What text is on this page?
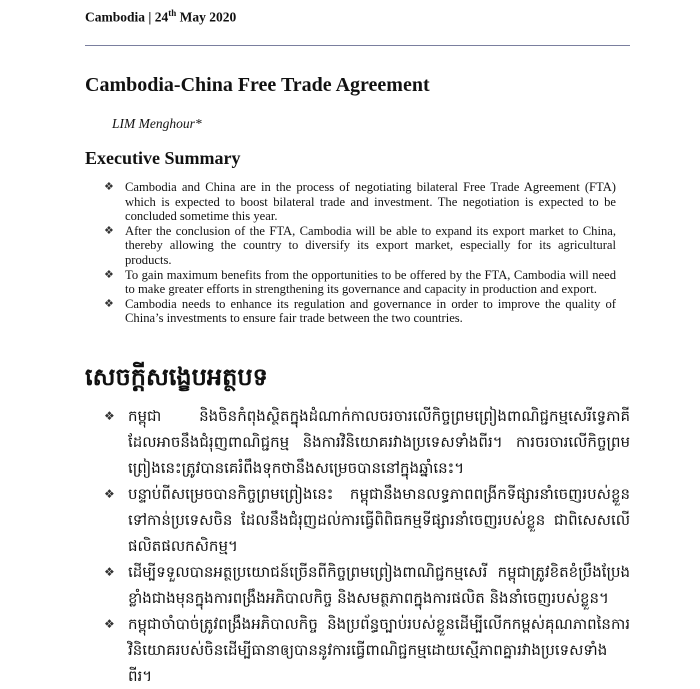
Cambodia | 24th May 2020
Cambodia-China Free Trade Agreement
LIM Menghour*
Executive Summary
❖ Cambodia and China are in the process of negotiating bilateral Free Trade Agreement (FTA) which is expected to boost bilateral trade and investment. The negotiation is expected to be concluded sometime this year.
❖ After the conclusion of the FTA, Cambodia will be able to expand its export market to China, thereby allowing the country to diversify its export market, especially for its agricultural products.
❖ To gain maximum benefits from the opportunities to be offered by the FTA, Cambodia will need to make greater efforts in strengthening its governance and capacity in production and export.
❖ Cambodia needs to enhance its regulation and governance in order to improve the quality of China’s investments to ensure fair trade between the two countries.
សេចក្តីសង្ខេបអត្ថបទ
❖ កម្ពុជា និងចិនកំពុងស្ថិតក្នុងដំណាក់កាលចរចារលើកិច្ចព្រមព្រៀងពាណិជ្ជកម្មសេរីទ្វេភាគី ដែលអាចនឹងជំរុញពាណិជ្ជកម្ម និងការវិនិយោគរវាងប្រទេសទាំងពីរ។ ការចរចារលើកិច្ចព្រមព្រៀងនេះត្រូវបានគេរំពឹងទុកថានឹងសម្រេចបាននៅក្នុងឆ្នាំនេះ។
❖ បន្ទាប់ពីសម្រេចបានកិច្ចព្រមព្រៀងនេះ កម្ពុជានឹងមានលទ្ធភាពពង្រីកទីផ្សារនាំចេញរបស់ខ្លួនទៅកាន់ប្រទេសចិន ដែលនឹងជំរុញដល់ការធ្វើពិពិធកម្មទីផ្សារនាំចេញរបស់ខ្លួន ជាពិសេសលើផលិតផលកសិកម្ម។
❖ ដើម្បីទទួលបានអត្ថប្រយោជន៍ច្រើនពីកិច្ចព្រមព្រៀងពាណិជ្ជកម្មសេរី កម្ពុជាត្រូវខិតខំប្រឹងប្រែងខ្លាំងជាងមុនក្នុងការពង្រឹងអភិបាលកិច្ច និងសមត្ថភាពក្នុងការផលិត និងនាំចេញរបស់ខ្លួន។
❖ កម្ពុជាចាំបាច់ត្រូវពង្រឹងអភិបាលកិច្ច និងប្រព័ន្ធច្បាប់របស់ខ្លួនដើម្បីលើកកម្ពស់គុណភាពនៃការវិនិយោគរបស់ចិនដើម្បីធានាឲ្យបាននូវការធ្វើពាណិជ្ជកម្មដោយស្មើភាពគ្នារវាងប្រទេសទាំងពីរ។
